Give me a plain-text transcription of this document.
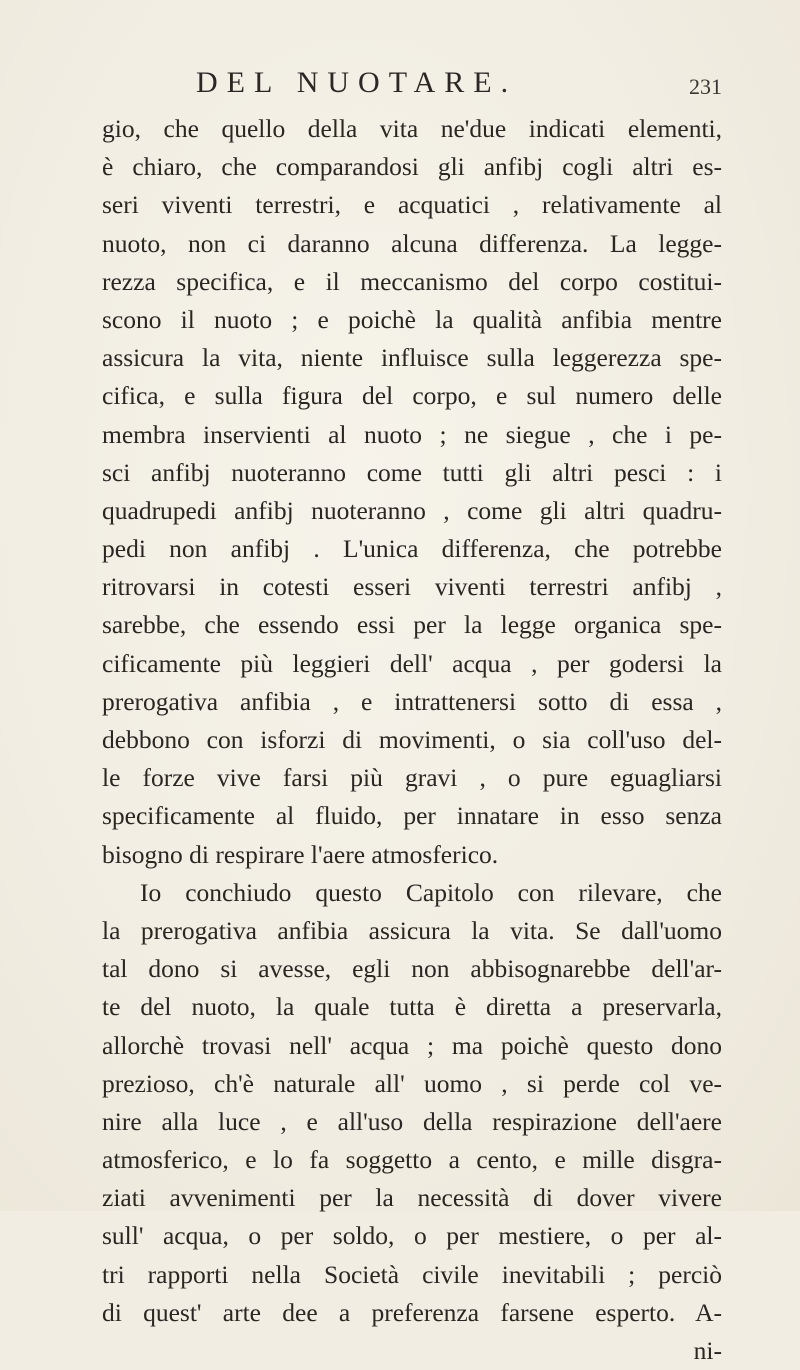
DEL NUOTARE.	231
gio, che quello della vita ne'due indicati elementi,
è chiaro, che comparandosi gli anfibj cogli altri es-
seri viventi terrestri, e acquatici , relativamente al
nuoto, non ci daranno alcuna differenza. La legge-
rezza specifica, e il meccanismo del corpo costitui-
scono il nuoto ; e poichè la qualità anfibia mentre
assicura la vita, niente influisce sulla leggerezza spe-
cifica, e sulla figura del corpo, e sul numero delle
membra inservienti al nuoto ; ne siegue , che i pe-
sci anfibj nuoteranno come tutti gli altri pesci : i
quadrupedi anfibj nuoteranno , come gli altri quadru-
pedi non anfibj . L'unica differenza, che potrebbe
ritrovarsi in cotesti esseri viventi terrestri anfibj ,
sarebbe, che essendo essi per la legge organica spe-
cificamente più leggieri dell' acqua , per godersi la
prerogativa anfibia , e intrattenersi sotto di essa ,
debbono con isforzi di movimenti, o sia coll'uso del-
le forze vive farsi più gravi , o pure eguagliarsi
specificamente al fluido, per innatare in esso senza
bisogno di respirare l'aere atmosferico.
Io conchiudo questo Capitolo con rilevare, che
la prerogativa anfibia assicura la vita. Se dall'uomo
tal dono si avesse, egli non abbisognarebbe dell'ar-
te del nuoto, la quale tutta è diretta a preservarla,
allorchè trovasi nell' acqua ; ma poichè questo dono
prezioso, ch'è naturale all' uomo , si perde col ve-
nire alla luce , e all'uso della respirazione dell'aere
atmosferico, e lo fa soggetto a cento, e mille disgra-
ziati avvenimenti per la necessità di dover vivere
sull' acqua, o per soldo, o per mestiere, o per al-
tri rapporti nella Società civile inevitabili ; perciò
di quest' arte dee a preferenza farsene esperto. A-
ni-
